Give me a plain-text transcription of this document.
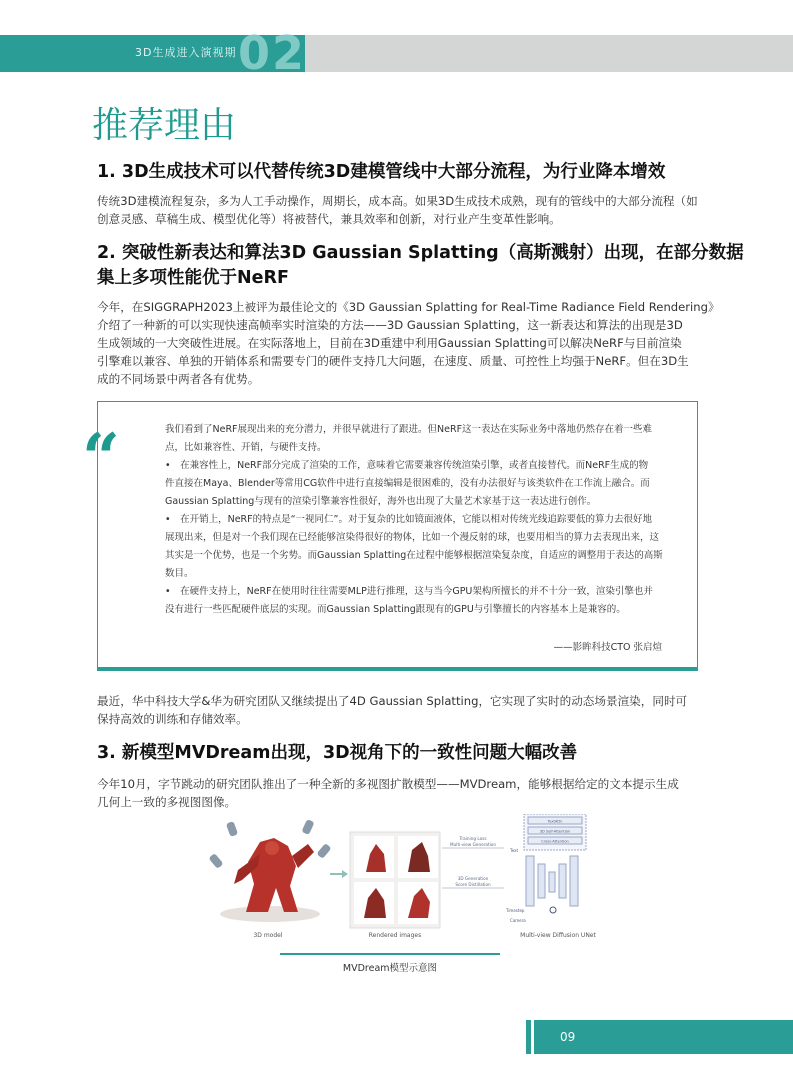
3D生成进入演视期 02
推荐理由
1. 3D生成技术可以代替传统3D建模管线中大部分流程，为行业降本增效
传统3D建模流程复杂，多为人工手动操作，周期长，成本高。如果3D生成技术成熟，现有的管线中的大部分流程（如
创意灵感、草稿生成、模型优化等）将被替代，兼具效率和创新，对行业产生变革性影响。
2. 突破性新表达和算法3D Gaussian Splatting（高斯溅射）出现，在部分数据
集上多项性能优于NeRF
今年，在SIGGRAPH2023上被评为最佳论文的《3D Gaussian Splatting for Real-Time Radiance Field Rendering》
介绍了一种新的可以实现快速高帧率实时渲染的方法——3D Gaussian Splatting，这一新表达和算法的出现是3D
生成领域的一大突破性进展。在实际落地上，目前在3D重建中利用Gaussian Splatting可以解决NeRF与目前渲染
引擎难以兼容、单独的开销体系和需要专门的硬件支持几大问题，在速度、质量、可控性上均强于NeRF。但在3D生
成的不同场景中两者各有优势。
“	我们看到了NeRF展现出来的充分潜力，并很早就进行了跟进。但NeRF这一表达在实际业务中落地仍然存在着一些难
点，比如兼容性、开销，与硬件支持。
•　在兼容性上，NeRF部分完成了渲染的工作，意味着它需要兼容传统渲染引擎，或者直接替代。而NeRF生成的物
件直接在Maya、Blender等常用CG软件中进行直接编辑是很困难的，没有办法很好与该类软件在工作流上融合。而
Gaussian Splatting与现有的渲染引擎兼容性很好，海外也出现了大量艺术家基于这一表达进行创作。
•　在开销上，NeRF的特点是“一视同仁”。对于复杂的比如镜面液体，它能以相对传统光线追踪要低的算力去很好地
展现出来，但是对一个我们现在已经能够渲染得很好的物体，比如一个漫反射的球，也要用相当的算力去表现出来，这
其实是一个优势，也是一个劣势。而Gaussian Splatting在过程中能够根据渲染复杂度，自适应的调整用于表达的高斯
数目。
•　在硬件支持上，NeRF在使用时往往需要MLP进行推理，这与当今GPU架构所擅长的并不十分一致，渲染引擎也并
没有进行一些匹配硬件底层的实现。而Gaussian Splatting跟现有的GPU与引擎擅长的内容基本上是兼容的。
——影眸科技CTO 张启煊
最近，华中科技大学&华为研究团队又继续提出了4D Gaussian Splatting，它实现了实时的动态场景渲染，同时可
保持高效的训练和存储效率。
3. 新模型MVDream出现，3D视角下的一致性问题大幅改善
今年10月，字节跳动的研究团队推出了一种全新的多视图扩散模型——MVDream，能够根据给定的文本提示生成
几何上一致的多视图图像。
Training Loss
Multi-view Generation
3D Generation
Score Distillation
TextAttn
3D Self-Attention
Cross-Attention
Text
Timestep
Camera
3D model	Rendered images	Multi-view Diffusion UNet
MVDream模型示意图
09
